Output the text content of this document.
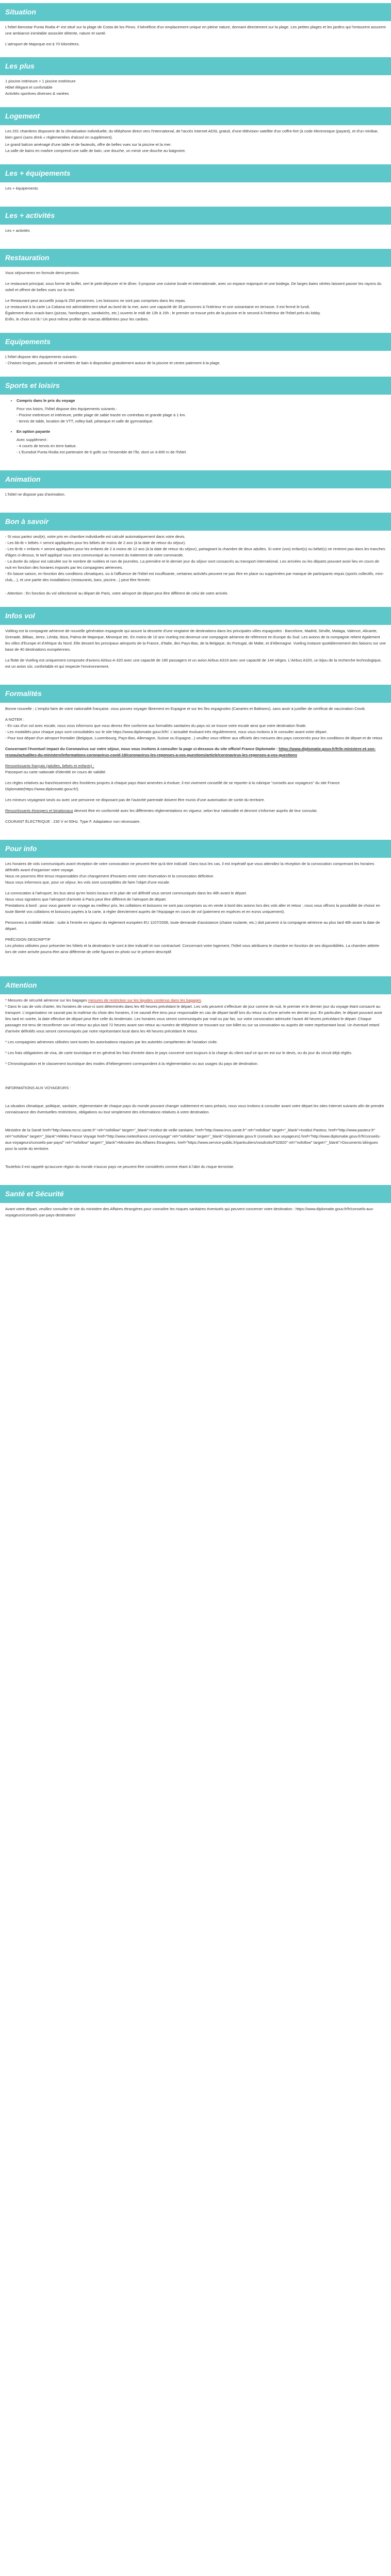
Situation

L'hôtel Iberostar Punta Rodia 4* est situé sur la plage de Costa de los Pinos. Il bénéficie d'un emplacement unique en pleine nature, donnant directement sur la plage. Les petites plages et les jardins qui l'entourent assurent une ambiance inimitable associée détente, nature et santé.

L'aéroport de Majorque est à 70 kilomètres.

Les plus
1 piscine intérieure + 1 piscine extérieure
Hôtel élégant et confortable
Activités sportives diverses & variées
Logement

Les 201 chambres disposent de la climatisation individuelle, du téléphone direct vers l'international, de l'accès Internet ADSL gratuit, d'une télévision satellite d'un coffre-fort (à code électronique (payant), et d'un minibar, bien garni (sans drink « réglementées d'alcool en supplément).

Le grand balcon aménagé d'une table et de fauteuils, offre de belles vues sur la piscine et la mer.
La salle de bains en marbre comprend une salle de bain, une douche, un miroir une douche au baignoire.
Les + équipements

Les + équipements

Les + activités

Les + activités

Restauration

Vous séjournerez en formule demi-pension.

Le restaurant principal, sous forme de buffet, sert le petit-déjeuner et le dîner. Il propose une cuisine locale et internationale, avec un espace majorquin et une bodega. De larges baies vitrées laissent passer les rayons du soleil et offrent de belles vues sur la mer.

Le Restaurant peut accueillir jusqu'à 250 personnes. Les boissons ne sont pas comprises dans les repas.
Le restaurant à la carte La Cabana est admirablement situé au bord de la mer, avec une capacité de 35 personnes à l'intérieur et une soixantaine en terrasse. Il est fermé le lundi.
Également deux snack-bars (pizzas, hamburgers, sandwichs, etc.) ouverts le midi de 13h à 15h ; le premier se trouve près de la piscine et le second à l'intérieur de l'hôtel près du lobby.
Enfin, le choix est là ! Un peut même profiter de marcas délibérées pour les caribes.
Equipements
L'hôtel dispose des équipements suivants :
- Chaises longues, parasols et serviettes de bain à disposition gratuitement autour de la piscine et centre paiement à la plage.
Sports et loisirs
• Compris dans le prix du voyage
Pour vos loisirs, l'hôtel dispose des équipements suivants :
- Piscine extérieure et intérieure, petite plage de sable tracée en contrebas et grande plage à 1 km.
- tennis de table, location de VTT, volley-ball, pétanque et salle de gymnastique.
• En option payante
Avec supplément :
- 4 courts de tennis en terre battue.
- L'Euroduit Punta Rodia est partenaire de 6 golfs sur l'ensemble de l'île, dont un à 800 m de l'hôtel.
Animation

L'hôtel ne dispose pas d'animation.

Bon à savoir
- Si vous partez seul(e), votre prix en chambre individuelle est calculé automatiquement dans votre devis.
- Les bb-tb + bébés = seront appliquées pour les bébés de moins de 2 ans (à la date de retour du séjour).
- Les tb-tb + enfants = seront appliquées pour les enfants de 2 à moins de 12 ans (à la date de retour du séjour), partageant la chambre de deux adultes. Si votre (vos) enfant(s) ou bébé(s) ne rentrent pas dans les tranches d'âges ci-dessus, le tarif appliqué vous sera communiqué au moment du traitement de votre commande.
- La durée du séjour est calculée sur le nombre de nuitées et non de journées. La première et le dernier jour du séjour sont consacrés au transport international. Les arrivées ou les départs pouvant avoir lieu en cours de nuit en fonction des horaires imposés par les compagnies aériennes.
- En basse saison, en fonction des conditions climatiques, ou à l'affluence de l'hôtel est insuffisante, certaines activités peuvent ne pas être en place ou supprimées par manque de participants requis (sports collectifs, mini-club,...), et une partie des installations (restaurants, bars, piscine...) peut être fermée.
- Attention : En fonction du vol sélectionné au départ de Paris, votre aéroport de départ peut être différent de celui de votre arrivée.
Infos vol

Voliting est la compagnie aérienne de nouvelle génération espagnole qui assure la desserte d'une vingtaine de destinations dans les principales villes espagnoles : Barcelone, Madrid, Séville, Malaga, Valence, Alicante, Grenade, Bilbao, Jerez, Lérida, Ibiza, Palma de Majorque, Minorque etc. En moins de 10 ans Vueling est devenue une compagnie aérienne de référence en Europe du Sud. Les avions de la compagnie relient également les villes d'Europe et d'Afrique du Nord. Elle dessert les principaux aéroports de la France, d'Italie, des Pays-Bas, de la Belgique, du Portugal, de Malte, et d'Allemagne. Vueling instaure quotidiennement des liaisons sur une base de 40 destinations européennes.

La flotte de Vueling est uniquement composée d'avions Airbus A-320 avec une capacité de 180 passagers et un avion Airbus A319 avec une capacité de 144 sièges. L'Airbus A320, un bijou de la recherche technologique, est un avion sûr, confortable et qui respecte l'environnement.

Formalités

Bonne nouvelle ; L'emploi faire de votre nationalité française, vous pouvez voyager librement en Espagne et sur les îles espagnoles (Canaries et Baléares), sans avoir à justifier de certificat de vaccination Covid.

A NOTER :
- En cas d'un vol avec escale, nous vous informons que vous devrez être conforme aux formalités sanitaires du pays où se trouve votre escale ainsi que votre destination finale.
- Les modalités pour chaque pays sont consultables sur le site https://www.diplomatie.gouv.fr/fr/. L'actualité évoluant très régulièrement, nous vous invitons à le consulter avant votre départ.

- Pour tout départ d'un aéroport frontalier (Belgique, Luxembourg, Pays-Bas, Allemagne, Suisse ou Espagne...) veuillez vous référer aux officiels des mesures des pays concernés pour les conditions de départ et de retour.

Concernant l'éventuel impact du Coronavirus sur votre séjour, nous vous invitons à consulter la page ci-dessous du site officiel France Diplomatie : https://www.diplomatie.gouv.fr/fr/le-ministere-et-son-reseau/actualites-du-ministere/informations-coronavirus-covid-19/coronavirus-les-reponses-a-vos-questions/article/coronavirus-les-reponses-a-vos-questions

Ressortissants français (adultes, bébés et enfants) :

Passeport ou carte nationale d'identité en cours de validité.

Les règles relatives au franchissement des frontières propres à chaque pays étant amenées à évoluer, il est vivement conseillé de se reporter à la rubrique "conseils aux voyageurs" du site France Diplomatie(https://www.diplomatie.gouv.fr/).

Les mineurs voyageant seuls ou avec une personne ne disposant pas de l'autorité parentale doivent être munis d'une autorisation de sortie du territoire.

Ressortissants étrangers et binationaux devront être en conformité avec les différentes réglementations en vigueur, selon leur nationalité et devront s'informer auprès de leur consulat.

COURANT ÉLECTRIQUE : 230 V et 50Hz. Type F. Adaptateur non nécessaire.

Pour info
Les horaires de vols communiqués avant réception de votre convocation ne peuvent être qu'à titre indicatif. Dans tous les cas, il est impératif que vous attendiez la réception de la convocation comprenant les horaires définitifs avant d'organiser votre voyage.
Nous ne pourrons être tenus responsables d'un changement d'horaires entre votre réservation et la convocation définitive.

Nous vous informons que, pour ce séjour, les vols sont susceptibles de faire l'objet d'une escale.

La convocation à l'aéroport, les bus ainsi qu'en loisirs locaux et le plan de vol définitif vous seront communiqués dans les 48h avant le départ.
Nous vous signalons que l'aéroport d'arrivée à Paris peut être différent de l'aéroport de départ.

Prestations à bord : pour vous garantir un voyage au meilleur prix, les collations et boissons ne sont pas comprises ou en vente à bord des avions lors des vols aller et retour ; nous vous offrons la possibilité de choisir en toute liberté vos collations et boissons payées à la carte, à régler directement auprès de l'équipage en cours de vol (paiement en espèces et en euros uniquement).

Personnes à mobilité réduite : suite à l'entrée en vigueur du règlement européen EU 1107/2006, toute demande d'assistance (chaise roulante, etc.) doit parvenir à la compagnie aérienne au plus tard 48h avant la date de départ.

PRÉCISION DESCRIPTIF

Les photos utilisées pour présenter les hôtels et la destination le sont à titre indicatif et non contractuel. Concernant votre logement, l'hôtel vous attribuera le chambre en fonction de ses disponibilités. La chambre attitrée lors de votre arrivée pourra être ainsi différente de celle figurant en photo sur le présent descriptif.

Attention
* Mesures de sécurité aérienne sur les bagages mesures de restriction sur les liquides contenus dans les bagages.

* Dans le cas de vols charter, les horaires de ceux-ci sont déterminés dans les 48 heures précédant le départ. Les vols peuvent s'effectuer de jour comme de nuit, le premier et le dernier jour du voyage étant consacré au transport. L'organisateur ne saurait pas la maîtrise du choix des horaires, il ne saurait être tenu pour responsable en cas de départ tardif lors du retour ou d'une arrivée en dernier jour. En particulier, le départ pouvant avoir lieu tard en soirée, la date effective de départ peut être celle du lendemain. Les horaires vous seront communiqués par mail ou par fax, sur votre convocation adressée l'avant 48 heures précédant le départ. Chaque passager est tenu de reconfirmer son vol retour au plus tard 72 heures avant son retour au numéro de téléphone se trouvant sur son billet ou sur sa convocation ou auprès de notre représentant local. Un éventuel retard d'arrivée définitifs vous seront communiqués par notre représentant local dans les 48 heures précédant le retour.

* Les compagnies aériennes utilisées sont toutes les autorisations requises par les autorités compétentes de l'aviation civile.

* Les frais obligatoires de visa, de carte touristique et en général les frais d'entrée dans le pays concerné sont toujours à la charge du client sauf ce qui en est sur le devis, ou du jour du circuit déjà réglés.

* Chronologisation et le classement touristique des modes d'hébergement correspondent à la réglementation ou aux usages du pays de destination.

INFORMATIONS AUX VOYAGEURS :

La situation climatique, politique, sanitaire, réglementaire de chaque pays du monde pouvant changer subitement et sans préavis, nous vous invitons à consulter avant votre départ les sites Internet suivants afin de prendre connaissance des éventuelles restrictions, obligations ou tout simplement des informations relatives à votre destination.

Ministère de la Santé href="http://www.mcnc.sante.fr" rel="nofollow" target="_blank">Institut de veille sanitaire, href="http://www.invs.sante.fr" rel="nofollow" target="_blank">Institut Pasteur, href="http://www.pasteur.fr" rel="nofollow" target="_blank">Météo France Voyage href="http://www.meteofrance.com/voyage" rel="nofollow" target="_blank">Diplomatie.gouv.fr (conseils aux voyageurs) href="http://www.diplomatie.gouv.fr/fr/conseils-aux-voyageurs/conseils-par-pays/" rel="nofollow" target="_blank">Ministère des Affaires Etrangères, href="https://www.service-public.fr/particuliers/vosdroits/F32820" rel="nofollow" target="_blank">Documents bilingues pour la sortie du territoire.

Toutefois il est rappelé qu'aucune région du monde n'aucun pays ne peuvent être considérés comme étant à l'abri du risque terroriste.

Santé et Sécurité

Avant votre départ, veuillez consulter le site du ministère des Affaires étrangères pour connaître les risques sanitaires éventuels qui peuvent concerner votre destination : https://www.diplomatie.gouv.fr/fr/conseils-aux-voyageurs/conseils-par-pays-destination/
